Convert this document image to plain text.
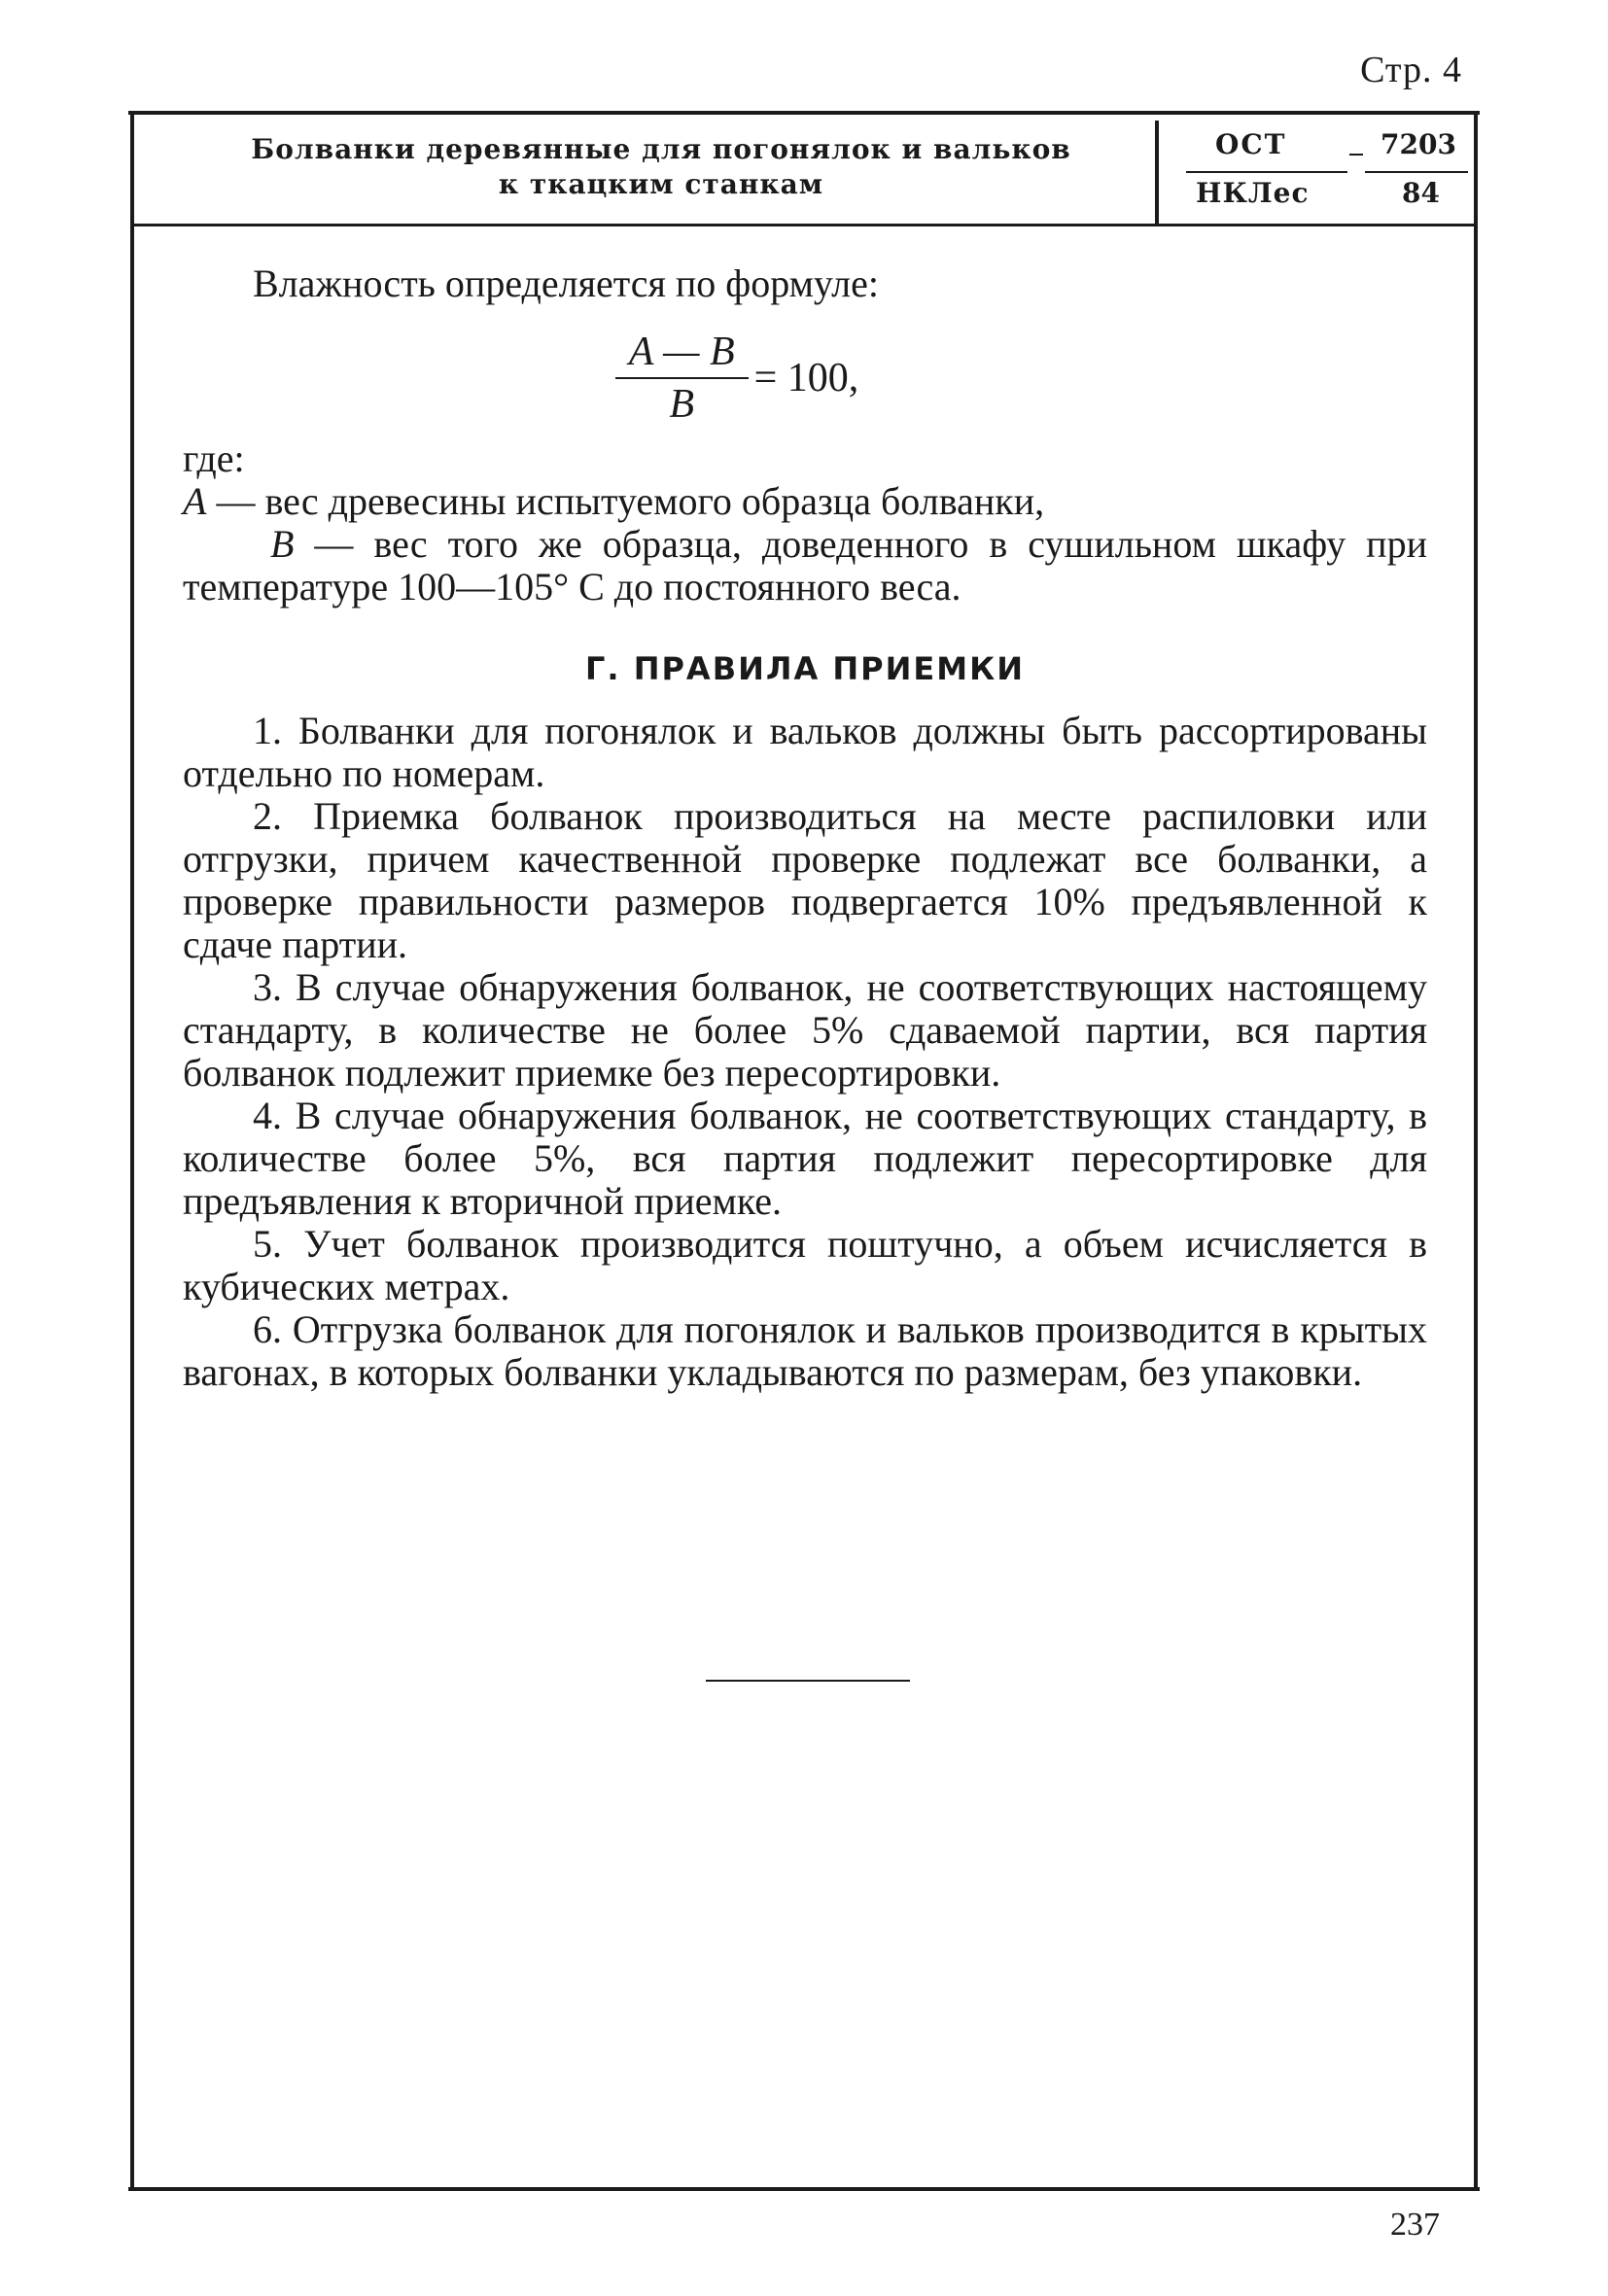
Стр. 4
Болванки деревянные для погонялок и вальков
к ткацким станкам
ОСТ
НКЛес
7203
84

Влажность определяется по формуле:

$\frac{A — B}{B} = 100$,

где:

A — вес древесины испытуемого образца болванки,

B — вес того же образца, доведенного в сушильном шкафу при температуре 100—105° С до постоянного веса.

Г. ПРАВИЛА ПРИЕМКИ

1. Болванки для погонялок и вальков должны быть рассортированы отдельно по номерам.

2. Приемка болванок производиться на месте распиловки или отгрузки, причем качественной проверке подлежат все болванки, а проверке правильности размеров подвергается 10% предъявленной к сдаче партии.

3. В случае обнаружения болванок, не соответствующих настоящему стандарту, в количестве не более 5% сдаваемой партии, вся партия болванок подлежит приемке без пересортировки.

4. В случае обнаружения болванок, не соответствующих стандарту, в количестве более 5%, вся партия подлежит пересортировке для предъявления к вторичной приемке.

5. Учет болванок производится поштучно, а объем исчисляется в кубических метрах.

6. Отгрузка болванок для погонялок и вальков производится в крытых вагонах, в которых болванки укладываются по размерам, без упаковки.

237
